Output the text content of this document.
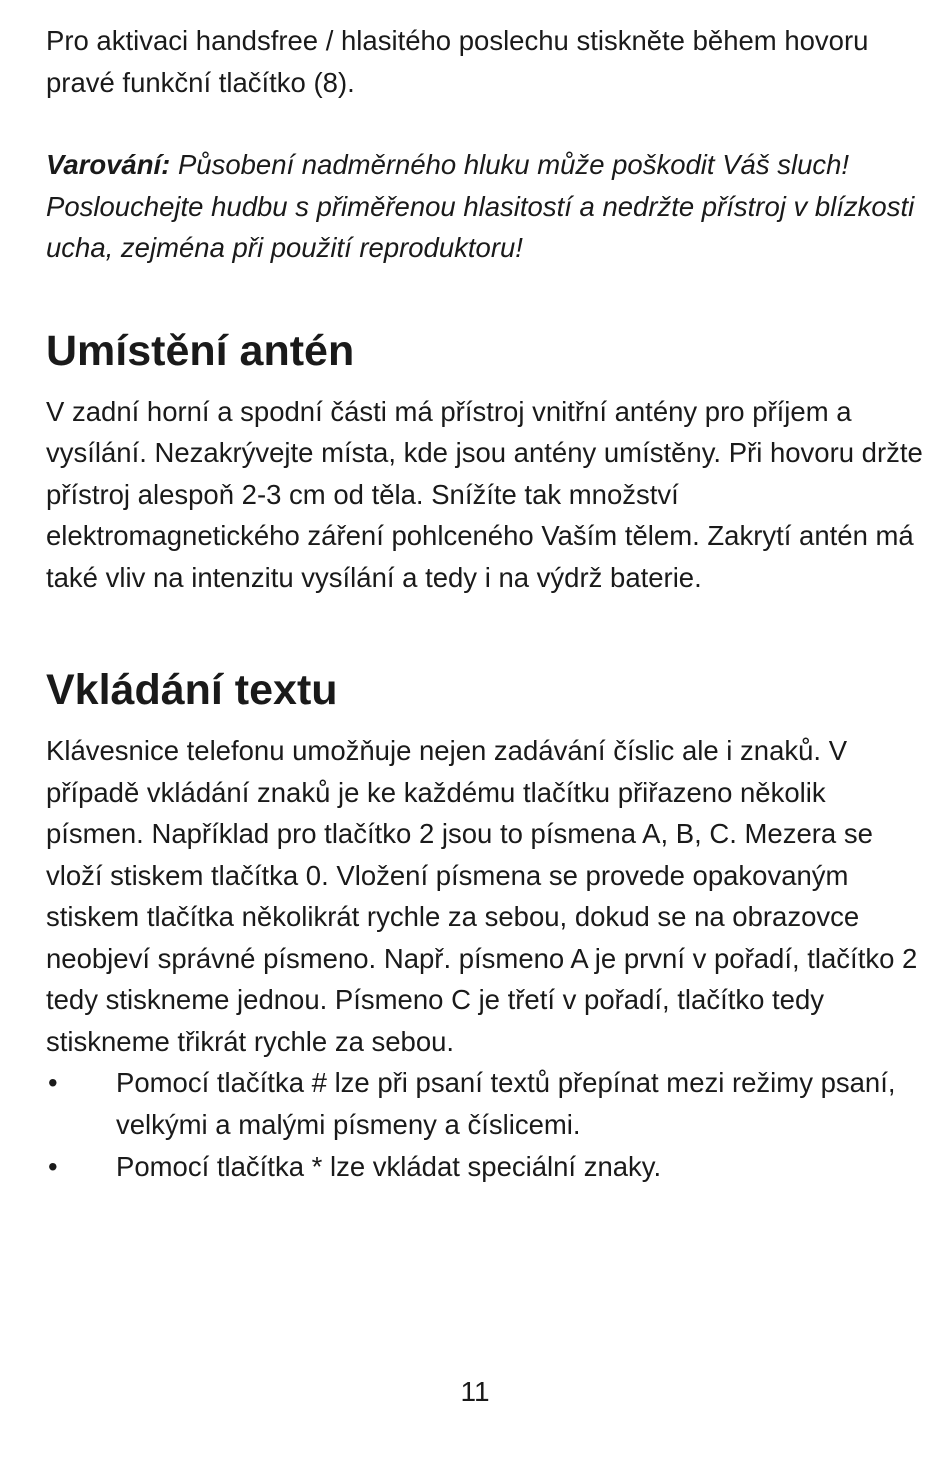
Pro aktivaci handsfree / hlasitého poslechu stiskněte během hovoru pravé funkční tlačítko (8).

Varování: Působení nadměrného hluku může poškodit Váš sluch! Poslouchejte hudbu s přiměřenou hlasitostí a nedržte přístroj v blízkosti ucha, zejména při použití reproduktoru!

Umístění antén

V zadní horní a spodní části má přístroj vnitřní antény pro příjem a vysílání. Nezakrývejte místa, kde jsou antény umístěny. Při hovoru držte přístroj alespoň 2-3 cm od těla. Snížíte tak množství elektromagnetického záření pohlceného Vaším tělem. Zakrytí antén má také vliv na intenzitu vysílání a tedy i na výdrž baterie.

Vkládání textu

Klávesnice telefonu umožňuje nejen zadávání číslic ale i znaků. V případě vkládání znaků je ke každému tlačítku přiřazeno několik písmen. Například pro tlačítko 2 jsou to písmena A, B, C. Mezera se vloží stiskem tlačítka 0. Vložení písmena se provede opakovaným stiskem tlačítka několikrát rychle za sebou, dokud se na obrazovce neobjeví správné písmeno. Např. písmeno A je první v pořadí, tlačítko 2 tedy stiskneme jednou. Písmeno C je třetí v pořadí, tlačítko tedy stiskneme třikrát rychle za sebou.

•	Pomocí tlačítka # lze při psaní textů přepínat mezi režimy psaní, velkými a malými písmeny a číslicemi.
•	Pomocí tlačítka * lze vkládat speciální znaky.
11
